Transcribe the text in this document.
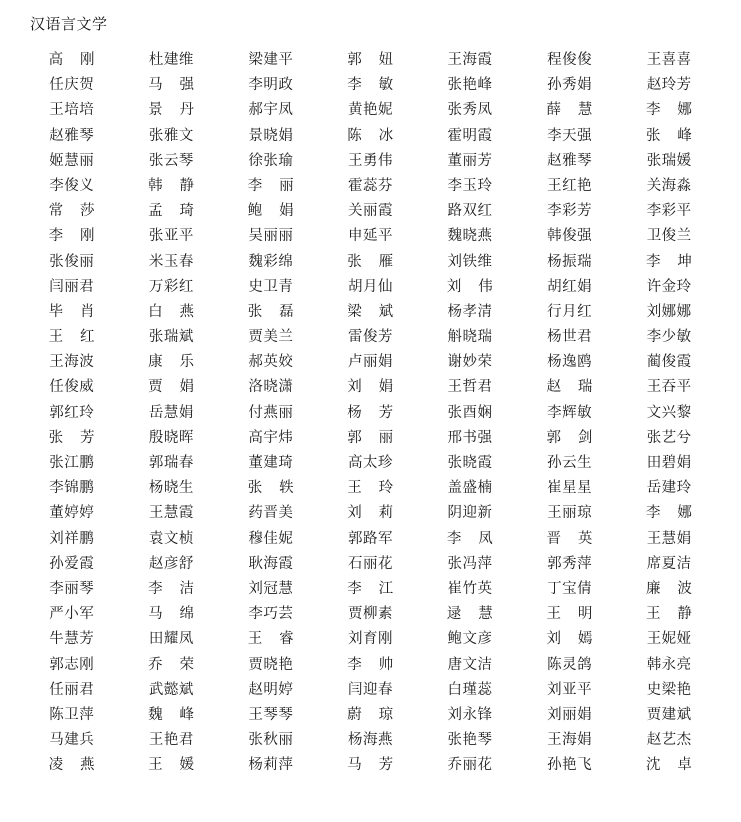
汉语言文学
高刚	杜建维	梁建平	郭妞	王海霞	程俊俊	王喜喜
任庆贺	马强	李明政	李敏	张艳峰	孙秀娟	赵玲芳
王培培	景丹	郝宇凤	黄艳妮	张秀凤	薛慧	李娜
赵雅琴	张雅文	景晓娟	陈冰	霍明霞	李天强	张峰
姬慧丽	张云琴	徐张瑜	王勇伟	董丽芳	赵雅琴	张瑞媛
李俊义	韩静	李丽	霍蕊芬	李玉玲	王红艳	关海淼
常莎	孟琦	鲍娟	关丽霞	路双红	李彩芳	李彩平
李刚	张亚平	吴丽丽	申延平	魏晓燕	韩俊强	卫俊兰
张俊丽	米玉春	魏彩绵	张雁	刘铁维	杨振瑞	李坤
闫丽君	万彩红	史卫青	胡月仙	刘伟	胡红娟	许金玲
毕肖	白燕	张磊	梁斌	杨孝清	行月红	刘娜娜
王红	张瑞斌	贾美兰	雷俊芳	斛晓瑞	杨世君	李少敏
王海波	康乐	郝英姣	卢丽娟	谢妙荣	杨逸鸥	蔺俊霞
任俊威	贾娟	洛晓潇	刘娟	王哲君	赵瑞	王吞平
郭红玲	岳慧娟	付燕丽	杨芳	张酉娴	李辉敏	文兴黎
张芳	殷晓晖	高宇炜	郭丽	邢书强	郭剑	张艺兮
张江鹏	郭瑞春	董建琦	高太珍	张晓霞	孙云生	田碧娟
李锦鹏	杨晓生	张轶	王玲	盖盛楠	崔星星	岳建玲
董婷婷	王慧霞	药晋美	刘莉	阴迎新	王丽琼	李娜
刘祥鹏	袁文桢	穆佳妮	郭路军	李凤	晋英	王慧娟
孙爱霞	赵彦舒	耿海霞	石丽花	张冯萍	郭秀萍	席夏洁
李丽琴	李洁	刘冠慧	李江	崔竹英	丁宝倩	廉波
严小军	马绵	李巧芸	贾柳素	逯慧	王明	王静
牛慧芳	田耀凤	王睿	刘育刚	鲍文彦	刘嫣	王妮娅
郭志刚	乔荣	贾晓艳	李帅	唐文洁	陈灵鸽	韩永亮
任丽君	武懿斌	赵明婷	闫迎春	白瑾蕊	刘亚平	史梁艳
陈卫萍	魏峰	王琴琴	蔚琼	刘永锋	刘丽娟	贾建斌
马建兵	王艳君	张秋丽	杨海燕	张艳琴	王海娟	赵艺杰
凌燕	王媛	杨莉萍	马芳	乔丽花	孙艳飞	沈卓
